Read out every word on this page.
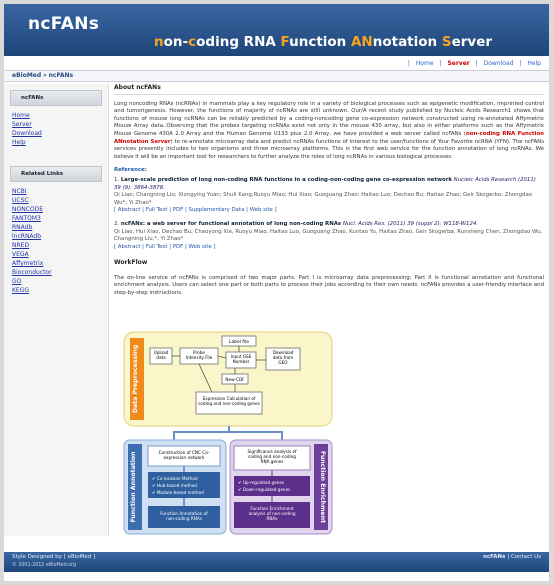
ncFANs
non-coding RNA Function ANnotation Server
| Home | Server | Download | Help
eBioMed » ncFANs
ncFANs
Home
Server
Download
Help
Related Links
NCBI
UCSC
NONCODE
FANTOM3
RNAdb
lncRNAdb
NRED
VEGA
Affymetrix
Bioconductor
GO
KEGG
About ncFANs

Long noncoding RNAs (ncRNAs) in mammals play a key regulatory role in a variety of biological processes such as epigenetic modification, imprinted control and tumorigenesis. However, the functions of majority of ncRNAs are still unknown. Our/A recent study published by Nucleic Acids Research1 shows that functions of mouse long ncRNAs can be reliably predicted by a coding-noncoding gene co-expression network constructed using re-annotated Affymetrix Mouse Array data..Observing that the probes targeting ncRNAs exist not only in the mouse 430 array, but also in either platforms such as the Affymetrix Mouse Genome 430A 2.0 Array and the Human Genome U133 plus 2.0 Array, we have provided a web server called ncFANs (non-coding RNA Function ANnotation Server) to re-annotate microarray data and predict ncRNAs functions of interest to the user/functions of Your Favorite ncRNA (YFN). The ncFANs services presently includes to two organisms and three microarray platforms. This is the first web service for the function annotation of long ncRNAs. We believe it will be an important tool for researchers to further analyze the roles of long ncRNAs in various biological processes.

Reference:
1. Large-scale prediction of long non-coding RNA functions in a coding-non-coding gene co-expression network Nucleic Acids Research (2011) 39 (9): 3864-3878.
Qi Liao; Changning Liu; Xiongying Yuan; Shuli Kang;Ruoyu Miao; Hui Xiao; Guoguang Zhao; Haitao Luo; Dechao Bu; Haitao Zhao; Geir Skogerbo; Zhongdao Wu*; Yi Zhao*
[ Abstract | Full Text | PDF | Supplementary Data | Web site ]
2. ncFANs: a web server for functional annotation of long non-coding RNAs Nucl. Acids Res. (2011) 39 (suppl 2): W118-W124.
Qi Liao, Hui Xiao, Dechao Bu, Chaoyong Xie, Ruoyu Miao, Haitao Luo, Guoguang Zhao, Kuntao Yu, Haitao Zhao, Geir Skogerbø, Runsheng Chen, Zhongdao Wu, Changning Liu,*, Yi Zhao*
[ Abstract | Full Text | PDF | Web site ]
WorkFlow

The on-line service of ncFANs is comprised of two major parts. Part I is microarray data preprocessing; Part II is functional annotation and functional enrichment analysis. Users can select one part or both parts to process their jobs according to their own needs. ncFANs provides a user-friendly interface and step-by-step instructions.

Data Preprocessing	Upload data
Probe Intensity File
Label file
Input GSE Number
Download data from GEO
New-CDF
Expression Calculation of coding and non-coding genes
Function Annotation	Construction of CNC Co-expression network
✔ Co-location Method
✔ Hub-based method
✔ Module-based method
Function Annotation of non-coding RNAs	Function Enrichment
Significance analysis of coding and non-coding RNA genes
✔ Up-regulated genes
✔ Down-regulated genes
Function Enrichment analysis of non-coding RNAs
Style Designed by [ eBioMed ]
© 2001-2011 eBioMed.org
ncFANs | Contact Us
